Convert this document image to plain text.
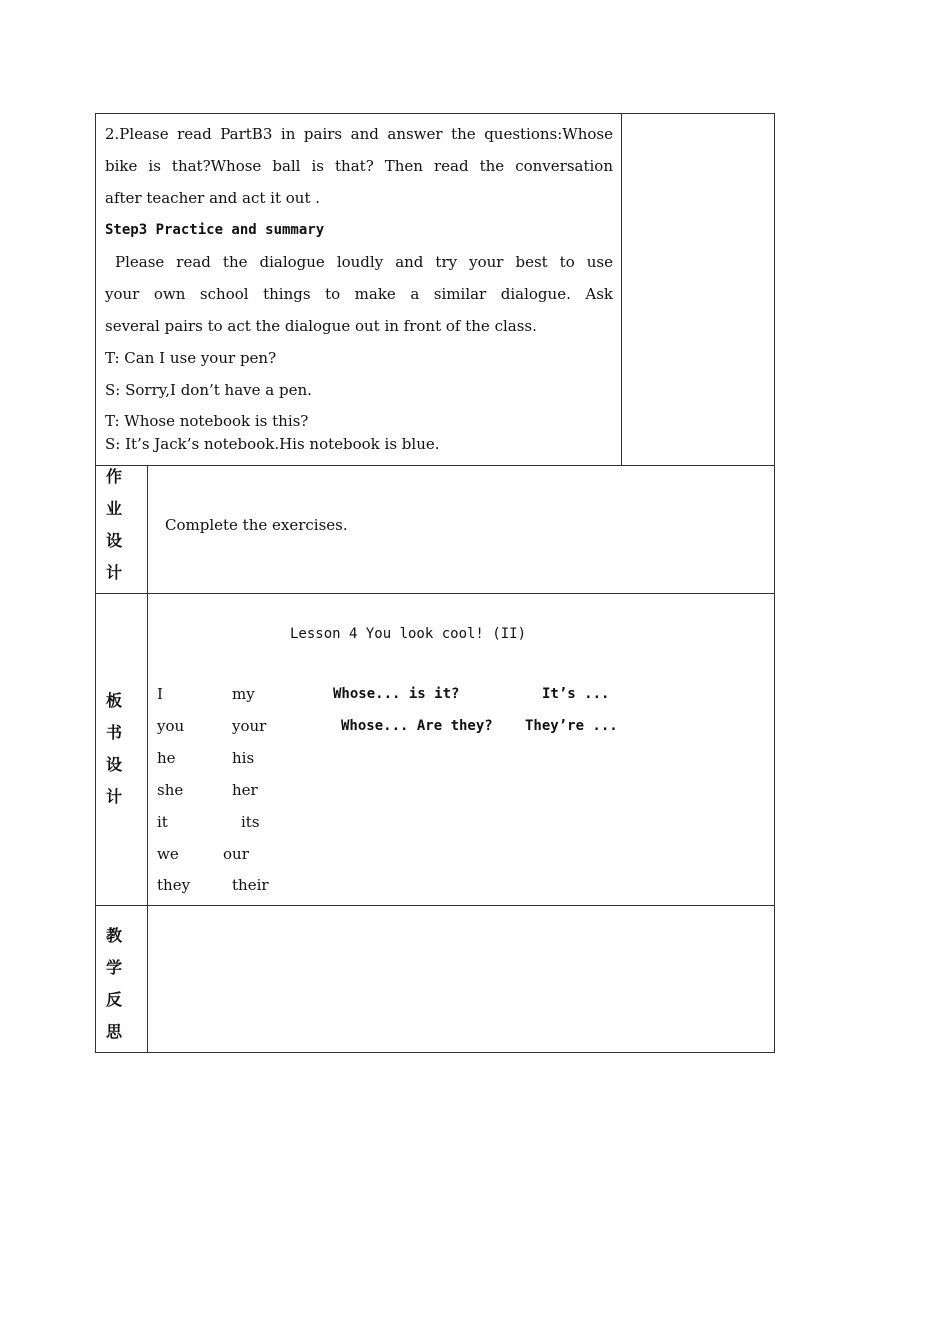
2.Please read PartB3 in pairs and answer the questions:Whose
bike is that?Whose ball is that? Then read the conversation
after teacher and act it out .
Step3 Practice and summary
Please read the dialogue loudly and try your best to use
your own school things to make a similar dialogue. Ask
several pairs to act the dialogue out in front of the class.
T: Can I use your pen?
S: Sorry,I don’t have a pen.
T: Whose notebook is this?
S: It’s Jack’s notebook.His notebook is blue.
作
业
设
计
Complete the exercises.
板
书
设
计
Lesson 4 You look cool! (II)
I	my
you	your
he	his
she	her
it	its
we	our
they	their
Whose... is it?	It’s ...
Whose... Are they? They’re ...
教
学
反
思
